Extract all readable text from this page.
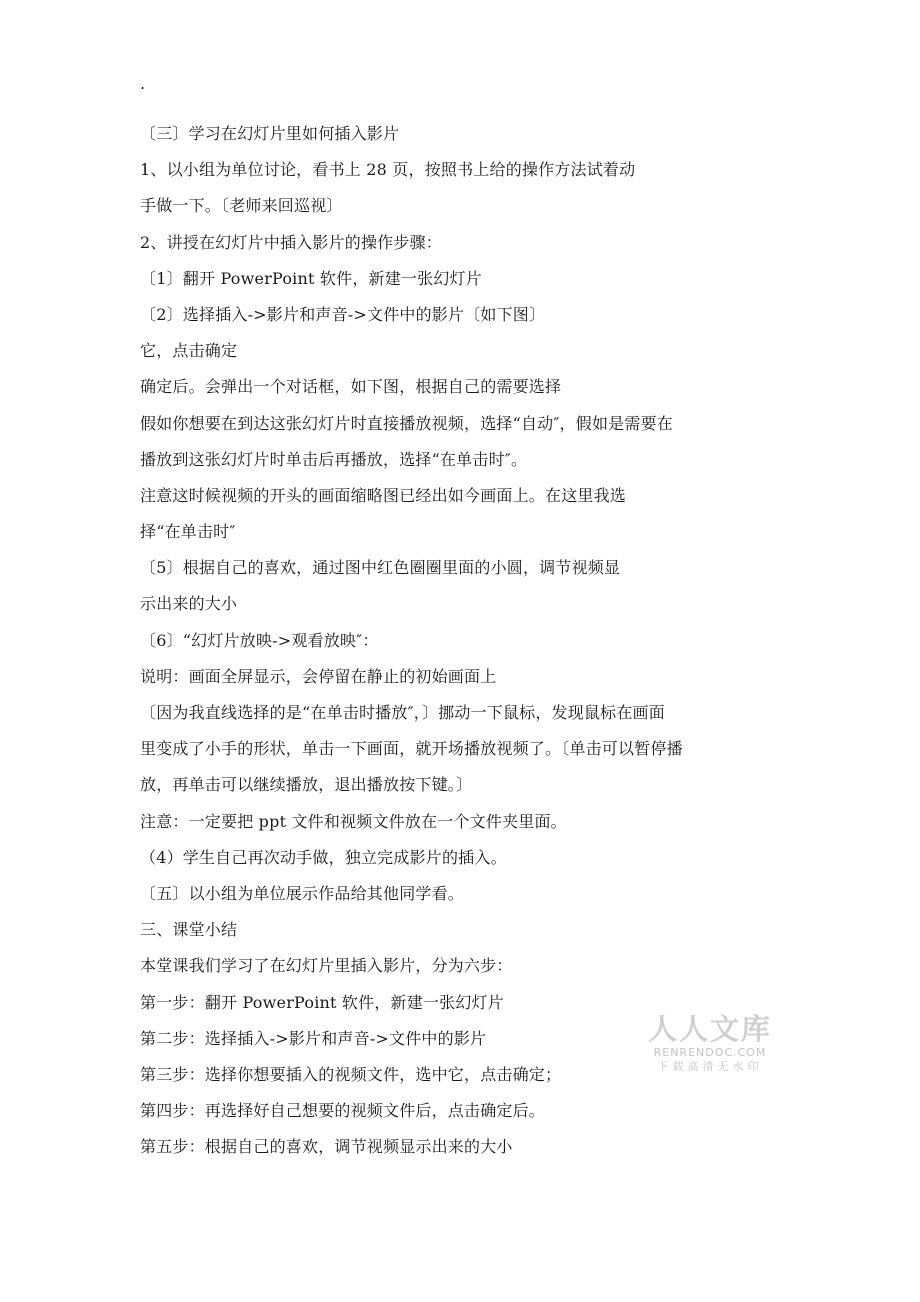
.
〔三〕学习在幻灯片里如何插入影片
1、以小组为单位讨论，看书上 28 页，按照书上给的操作方法试着动
手做一下。〔老师来回巡视〕
2、讲授在幻灯片中插入影片的操作步骤：
〔1〕翻开 PowerPoint 软件，新建一张幻灯片
〔2〕选择插入->影片和声音->文件中的影片〔如下图〕
它，点击确定
确定后。会弹出一个对话框，如下图，根据自己的需要选择
假如你想要在到达这张幻灯片时直接播放视频，选择“自动″，假如是需要在
播放到这张幻灯片时单击后再播放，选择“在单击时″。
注意这时候视频的开头的画面缩略图已经出如今画面上。在这里我选
择“在单击时″
〔5〕根据自己的喜欢，通过图中红色圈圈里面的小圆，调节视频显
示出来的大小
〔6〕“幻灯片放映->观看放映″：
说明：画面全屏显示，会停留在静止的初始画面上
〔因为我直线选择的是“在单击时播放″，〕挪动一下鼠标，发现鼠标在画面
里变成了小手的形状，单击一下画面，就开场播放视频了。〔单击可以暂停播
放，再单击可以继续播放，退出播放按下键。〕
注意：一定要把 ppt 文件和视频文件放在一个文件夹里面。
（4）学生自己再次动手做，独立完成影片的插入。
〔五〕以小组为单位展示作品给其他同学看。
三、课堂小结
本堂课我们学习了在幻灯片里插入影片，分为六步：
第一步：翻开 PowerPoint 软件，新建一张幻灯片
第二步：选择插入->影片和声音->文件中的影片
第三步：选择你想要插入的视频文件，选中它，点击确定；
第四步：再选择好自己想要的视频文件后，点击确定后。
第五步：根据自己的喜欢，调节视频显示出来的大小
人人文库
RENRENDOC.COM
下载高清无水印
